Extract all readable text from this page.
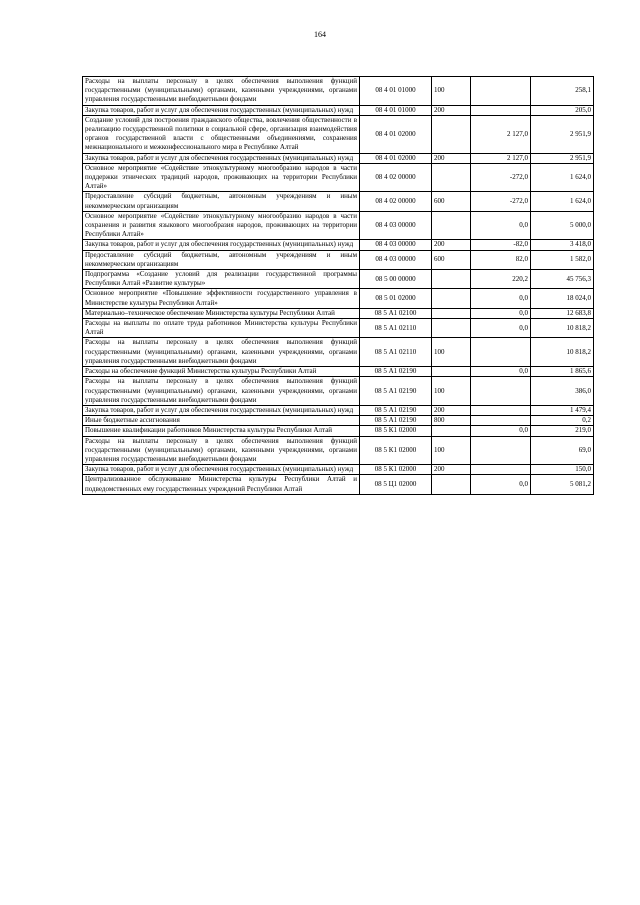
164
Расходы на выплаты персоналу в целях обеспечения выполнения функций государственными (муниципальными) органами, казенными учреждениями, органами управления государственными внебюджетными фондами	08 4 01 01000	100		258,1
Закупка товаров, работ и услуг для обеспечения государственных (муниципальных) нужд	08 4 01 01000	200		205,0
Создание условий для построения гражданского общества, вовлечения общественности в реализацию государственной политики в социальной сфере, организация взаимодействия органов государственной власти с общественными объединениями, сохранения межнационального и межконфессионального мира в Республике Алтай	08 4 01 02000		2 127,0	2 951,9
Закупка товаров, работ и услуг для обеспечения государственных (муниципальных) нужд	08 4 01 02000	200	2 127,0	2 951,9
Основное мероприятие «Содействие этнокультурному многообразию народов в части поддержки этнических традиций народов, проживающих на территории Республики Алтай»	08 4 02 00000		-272,0	1 624,0
Предоставление субсидий бюджетным, автономным учреждениям и иным некоммерческим организациям	08 4 02 00000	600	-272,0	1 624,0
Основное мероприятие «Содействие этнокультурному многообразию народов в части сохранения и развития языкового многообразия народов, проживающих на территории Республики Алтай»	08 4 03 00000		0,0	5 000,0
Закупка товаров, работ и услуг для обеспечения государственных (муниципальных) нужд	08 4 03 00000	200	-82,0	3 418,0
Предоставление субсидий бюджетным, автономным учреждениям и иным некоммерческим организациям	08 4 03 00000	600	82,0	1 582,0
Подпрограмма «Создание условий для реализации государственной программы Республики Алтай «Развитие культуры»	08 5 00 00000		220,2	45 756,3
Основное мероприятие «Повышение эффективности государственного управления в Министерстве культуры Республики Алтай»	08 5 01 02000		0,0	18 024,0
Материально–техническое обеспечение Министерства культуры Республики Алтай	08 5 А1 02100		0,0	12 683,8
Расходы на выплаты по оплате труда работников Министерства культуры Республики Алтай	08 5 А1 02110		0,0	10 818,2
Расходы на выплаты персоналу в целях обеспечения выполнения функций государственными (муниципальными) органами, казенными учреждениями, органами управления государственными внебюджетными фондами	08 5 А1 02110	100		10 818,2
Расходы на обеспечение функций Министерства культуры Республики Алтай	08 5 А1 02190		0,0	1 865,6
Расходы на выплаты персоналу в целях обеспечения выполнения функций государственными (муниципальными) органами, казенными учреждениями, органами управления государственными внебюджетными фондами	08 5 А1 02190	100		386,0
Закупка товаров, работ и услуг для обеспечения государственных (муниципальных) нужд	08 5 А1 02190	200		1 479,4
Иные бюджетные ассигнования	08 5 А1 02190	800		0,2
Повышение квалификации работников Министерства культуры Республики Алтай	08 5 К1 02000		0,0	219,0
Расходы на выплаты персоналу в целях обеспечения выполнения функций государственными (муниципальными) органами, казенными учреждениями, органами управления государственными внебюджетными фондами	08 5 К1 02000	100		69,0
Закупка товаров, работ и услуг для обеспечения государственных (муниципальных) нужд	08 5 К1 02000	200		150,0
Централизованное обслуживание Министерства культуры Республики Алтай и подведомственных ему государственных учреждений Республики Алтай	08 5 Ц1 02000		0,0	5 081,2
